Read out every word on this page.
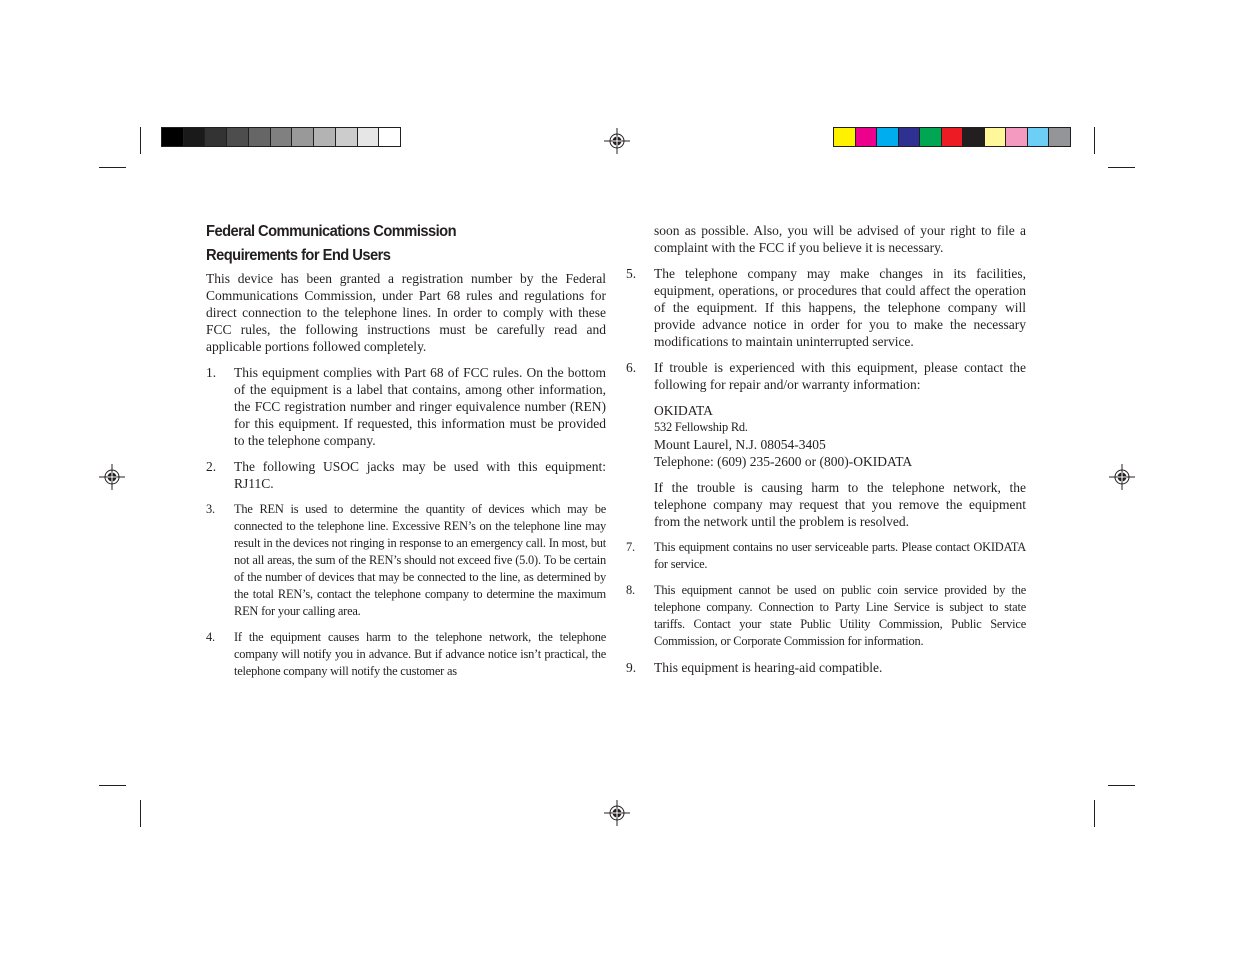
Federal Communications Commission
Requirements for End Users

This device has been granted a registration number by the Federal Communications Commission, under Part 68 rules and regulations for direct connection to the telephone lines. In order to comply with these FCC rules, the following instructions must be carefully read and applicable portions followed completely.

1.	This equipment complies with Part 68 of FCC rules. On the bottom of the equipment is a label that contains, among other information, the FCC registration number and ringer equivalence number (REN) for this equipment. If requested, this information must be provided to the telephone company.
2.	The following USOC jacks may be used with this equipment: RJ11C.
3.	The REN is used to determine the quantity of devices which may be connected to the telephone line. Excessive REN’s on the telephone line may result in the devices not ringing in response to an emergency call. In most, but not all areas, the sum of the REN’s should not exceed five (5.0). To be certain of the number of devices that may be connected to the line, as determined by the total REN’s, contact the telephone company to determine the maximum REN for your calling area.
4.	If the equipment causes harm to the telephone network, the telephone company will notify you in advance. But if advance notice isn’t practical, the telephone company will notify the customer as
soon as possible. Also, you will be advised of your right to file a complaint with the FCC if you believe it is necessary.
5.	The telephone company may make changes in its facilities, equipment, operations, or procedures that could affect the operation of the equipment. If this happens, the telephone company will provide advance notice in order for you to make the necessary modifications to maintain uninterrupted service.
6.	If trouble is experienced with this equipment, please contact the following for repair and/or warranty information:
OKIDATA
532 Fellowship Rd.
Mount Laurel, N.J. 08054-3405
Telephone: (609) 235-2600 or (800)-OKIDATA
If the trouble is causing harm to the telephone network, the telephone company may request that you remove the equipment from the network until the problem is resolved.
7.	This equipment contains no user serviceable parts. Please contact OKIDATA for service.
8.	This equipment cannot be used on public coin service provided by the telephone company. Connection to Party Line Service is subject to state tariffs. Contact your state Public Utility Commission, Public Service Commission, or Corporate Commission for information.
9.	This equipment is hearing-aid compatible.
